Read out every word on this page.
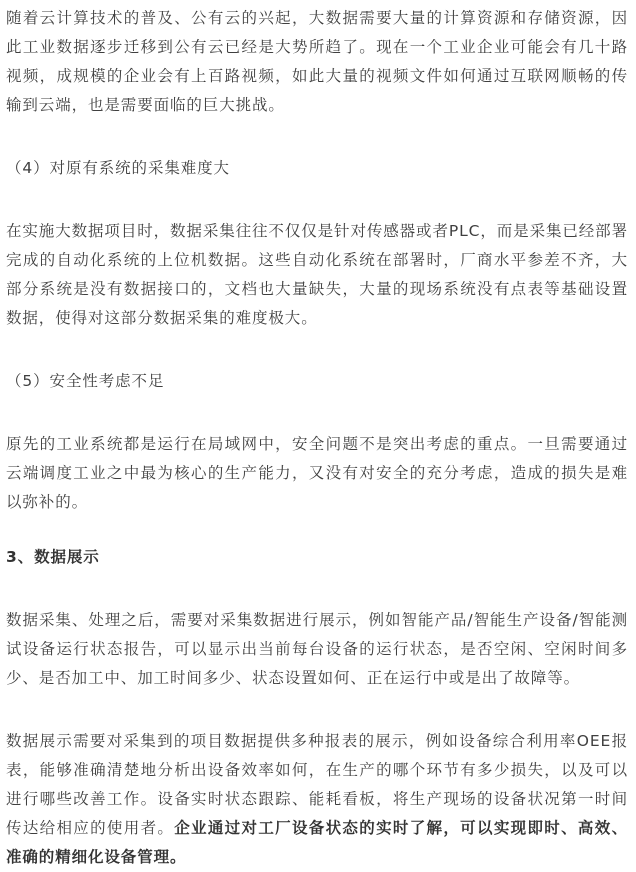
随着云计算技术的普及、公有云的兴起，大数据需要大量的计算资源和存储资源，因此工业数据逐步迁移到公有云已经是大势所趋了。现在一个工业企业可能会有几十路视频，成规模的企业会有上百路视频，如此大量的视频文件如何通过互联网顺畅的传输到云端，也是需要面临的巨大挑战。

（4）对原有系统的采集难度大

在实施大数据项目时，数据采集往往不仅仅是针对传感器或者PLC，而是采集已经部署完成的自动化系统的上位机数据。这些自动化系统在部署时，厂商水平参差不齐，大部分系统是没有数据接口的，文档也大量缺失，大量的现场系统没有点表等基础设置数据，使得对这部分数据采集的难度极大。

（5）安全性考虑不足

原先的工业系统都是运行在局域网中，安全问题不是突出考虑的重点。一旦需要通过云端调度工业之中最为核心的生产能力，又没有对安全的充分考虑，造成的损失是难以弥补的。

3、数据展示

数据采集、处理之后，需要对采集数据进行展示，例如智能产品/智能生产设备/智能测试设备运行状态报告，可以显示出当前每台设备的运行状态，是否空闲、空闲时间多少、是否加工中、加工时间多少、状态设置如何、正在运行中或是出了故障等。

数据展示需要对采集到的项目数据提供多种报表的展示，例如设备综合利用率OEE报表，能够准确清楚地分析出设备效率如何，在生产的哪个环节有多少损失，以及可以进行哪些改善工作。设备实时状态跟踪、能耗看板，将生产现场的设备状况第一时间传达给相应的使用者。企业通过对工厂设备状态的实时了解，可以实现即时、高效、准确的精细化设备管理。
